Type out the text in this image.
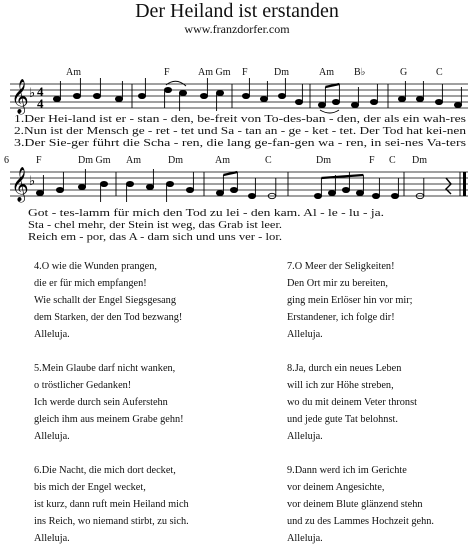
Der Heiland ist erstanden
www.franzdorfer.com
Am	F	Am Gm F	Dm	Am B♭	G	C
𝄞 ♭ 4
4
1.Der Hei-land ist er - stan - den, be-freit von To-des-ban - den, der als ein wah-res
2.Nun ist der Mensch ge - ret - tet und Sa - tan an - ge - ket - tet. Der Tod hat kei-nen
3.Der Sie-ger führt die Scha - ren, die lang ge-fan-gen wa - ren, in sei-nes Va-ters
6	F	Dm Gm Am	Dm	Am	C	Dm	F C Dm
𝄞 ♭
Got - tes-lamm für mich den Tod zu lei - den kam. Al - le - lu - ja.
Sta - chel mehr, der Stein ist weg, das Grab ist leer.
Reich em - por, das A - dam sich und uns ver - lor.
4.O wie die Wunden prangen,
die er für mich empfangen!
Wie schallt der Engel Siegsgesang
dem Starken, der den Tod bezwang!
Alleluja.
5.Mein Glaube darf nicht wanken,
o tröstlicher Gedanken!
Ich werde durch sein Auferstehn
gleich ihm aus meinem Grabe gehn!
Alleluja.
6.Die Nacht, die mich dort decket,
bis mich der Engel wecket,
ist kurz, dann ruft mein Heiland mich
ins Reich, wo niemand stirbt, zu sich.
Alleluja.
7.O Meer der Seligkeiten!
Den Ort mir zu bereiten,
ging mein Erlöser hin vor mir;
Erstandener, ich folge dir!
Alleluja.
8.Ja, durch ein neues Leben
will ich zur Höhe streben,
wo du mit deinem Veter thronst
und jede gute Tat belohnst.
Alleluja.
9.Dann werd ich im Gerichte
vor deinem Angesichte,
vor deinem Blute glänzend stehn
und zu des Lammes Hochzeit gehn.
Alleluja.
